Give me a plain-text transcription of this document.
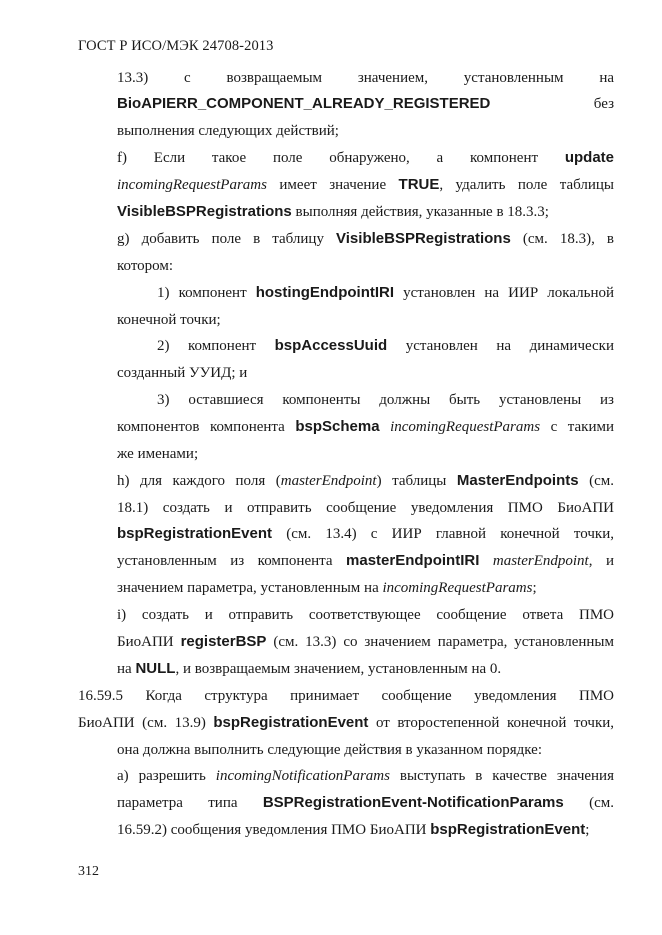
ГОСТ Р ИСО/МЭК 24708-2013
13.3) с возвращаемым значением, установленным на
BioAPIERR_COMPONENT_ALREADY_REGISTERED без
выполнения следующих действий;
f) Если такое поле обнаружено, а компонент update
incomingRequestParams имеет значение TRUE, удалить поле таблицы
VisibleBSPRegistrations выполняя действия, указанные в 18.3.3;
g) добавить поле в таблицу VisibleBSPRegistrations (см. 18.3), в
котором:
1) компонент hostingEndpointIRI установлен на ИИР локальной
конечной точки;
2) компонент bspAccessUuid установлен на динамически
созданный УУИД; и
3) оставшиеся компоненты должны быть установлены из
компонентов компонента bspSchema incomingRequestParams с такими
же именами;
h) для каждого поля (masterEndpoint) таблицы MasterEndpoints (см.
18.1) создать и отправить сообщение уведомления ПМО БиоАПИ
bspRegistrationEvent (см. 13.4) с ИИР главной конечной точки,
установленным из компонента masterEndpointIRI masterEndpoint, и
значением параметра, установленным на incomingRequestParams;
i) создать и отправить соответствующее сообщение ответа ПМО
БиоАПИ registerBSP (см. 13.3) со значением параметра, установленным
на NULL, и возвращаемым значением, установленным на 0.
16.59.5 Когда структура принимает сообщение уведомления ПМО
БиоАПИ (см. 13.9) bspRegistrationEvent от второстепенной конечной точки,
она должна выполнить следующие действия в указанном порядке:
а) разрешить incomingNotificationParams выступать в качестве значения
параметра типа BSPRegistrationEvent-NotificationParams (см.
16.59.2) сообщения уведомления ПМО БиоАПИ bspRegistrationEvent;
312
